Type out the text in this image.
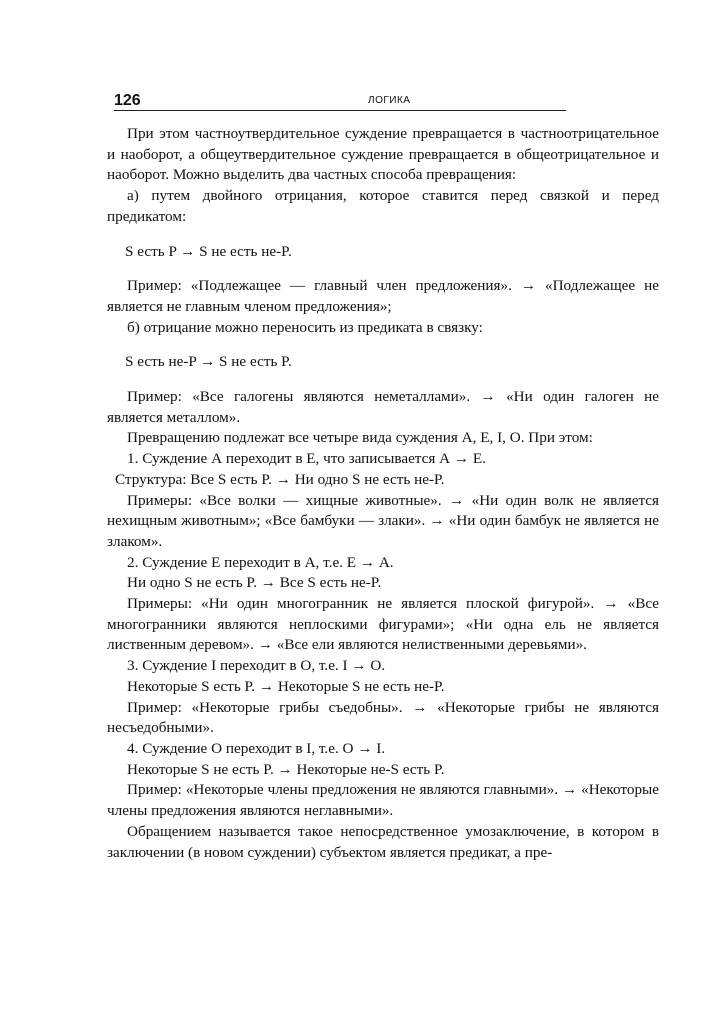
126	ЛОГИКА

При этом частноутвердительное суждение превращается в частноотрицательное и наоборот, а общеутвердительное суждение превращается в общеотрицательное и наоборот. Можно выделить два частных способа превращения:

а) путем двойного отрицания, которое ставится перед связкой и перед предикатом:

S есть P → S не есть не-P.

Пример: «Подлежащее — главный член предложения». → «Подлежащее не является не главным членом предложения»;

б) отрицание можно переносить из предиката в связку:

S есть не-P → S не есть P.

Пример: «Все галогены являются неметаллами». → «Ни один галоген не является металлом».

Превращению подлежат все четыре вида суждения А, Е, I, О. При этом:

1. Суждение А переходит в Е, что записывается А → Е.

Структура: Все S есть P. → Ни одно S не есть не-P.

Примеры: «Все волки — хищные животные». → «Ни один волк не является нехищным животным»; «Все бамбуки — злаки». → «Ни один бамбук не является не злаком».

2. Суждение Е переходит в А, т.е. Е → А.

Ни одно S не есть P. → Все S есть не-P.

Примеры: «Ни один многогранник не является плоской фигурой». → «Все многогранники являются неплоскими фигурами»; «Ни одна ель не является лиственным деревом». → «Все ели являются нелиственными деревьями».

3. Суждение I переходит в О, т.е. I → О.

Некоторые S есть P. → Некоторые S не есть не-P.

Пример: «Некоторые грибы съедобны». → «Некоторые грибы не являются несъедобными».

4. Суждение О переходит в I, т.е. О → I.

Некоторые S не есть P. → Некоторые не-S есть P.

Пример: «Некоторые члены предложения не являются главными». → «Некоторые члены предложения являются неглавными».

Обращением называется такое непосредственное умозаключение, в котором в заключении (в новом суждении) субъектом является предикат, а пре-
